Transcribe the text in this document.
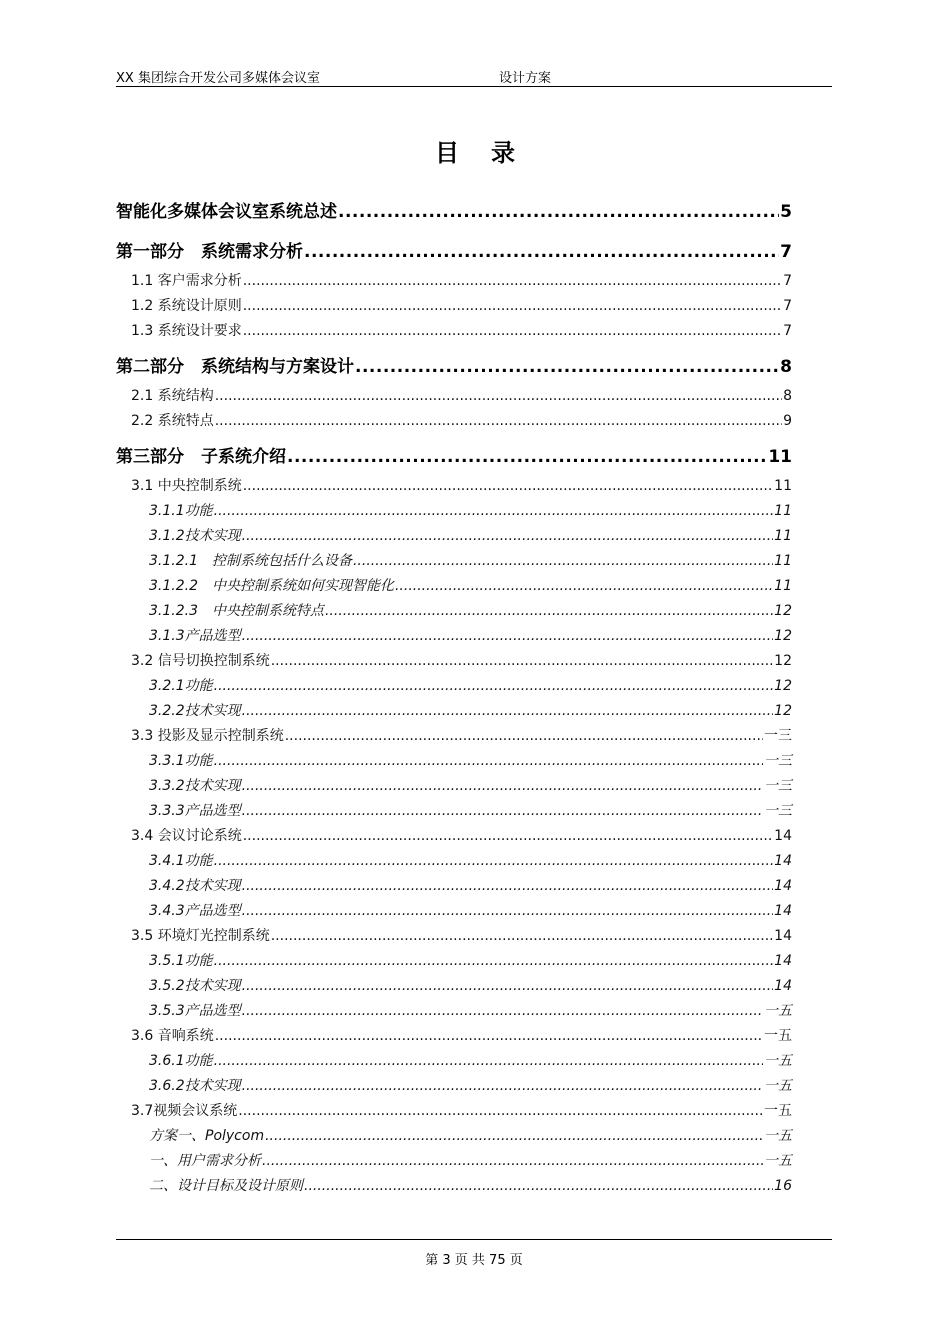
XX 集团综合开发公司多媒体会议室	设计方案
目录
智能化多媒体会议室系统总述 .....	5
第一部分　系统需求分析 .....	7
1.1 客户需求分析 .....	7
1.2 系统设计原则 .....	7
1.3 系统设计要求 .....	7
第二部分　系统结构与方案设计 .....	8
2.1 系统结构 .....	8
2.2 系统特点 .....	9
第三部分　子系统介绍 .....	11
3.1 中央控制系统 .....	11
3.1.1功能 .....	11
3.1.2技术实现 .....	11
3.1.2.1　控制系统包括什么设备 .....	11
3.1.2.2　中央控制系统如何实现智能化 .....	11
3.1.2.3　中央控制系统特点 .....	12
3.1.3产品选型 .....	12
3.2 信号切换控制系统 .....	12
3.2.1功能 .....	12
3.2.2技术实现 .....	12
3.3 投影及显示控制系统 .....	一三
3.3.1功能 .....	一三
3.3.2技术实现 .....	一三
3.3.3产品选型 .....	一三
3.4 会议讨论系统 .....	14
3.4.1功能 .....	14
3.4.2技术实现 .....	14
3.4.3产品选型 .....	14
3.5 环境灯光控制系统 .....	14
3.5.1功能 .....	14
3.5.2技术实现 .....	14
3.5.3产品选型 .....	一五
3.6 音响系统 .....	一五
3.6.1功能 .....	一五
3.6.2技术实现 .....	一五
3.7视频会议系统 .....	一五
方案一、Polycom .....	一五
一、用户需求分析 .....	一五
二、设计目标及设计原则 .....	16
第 3 页 共 75 页
